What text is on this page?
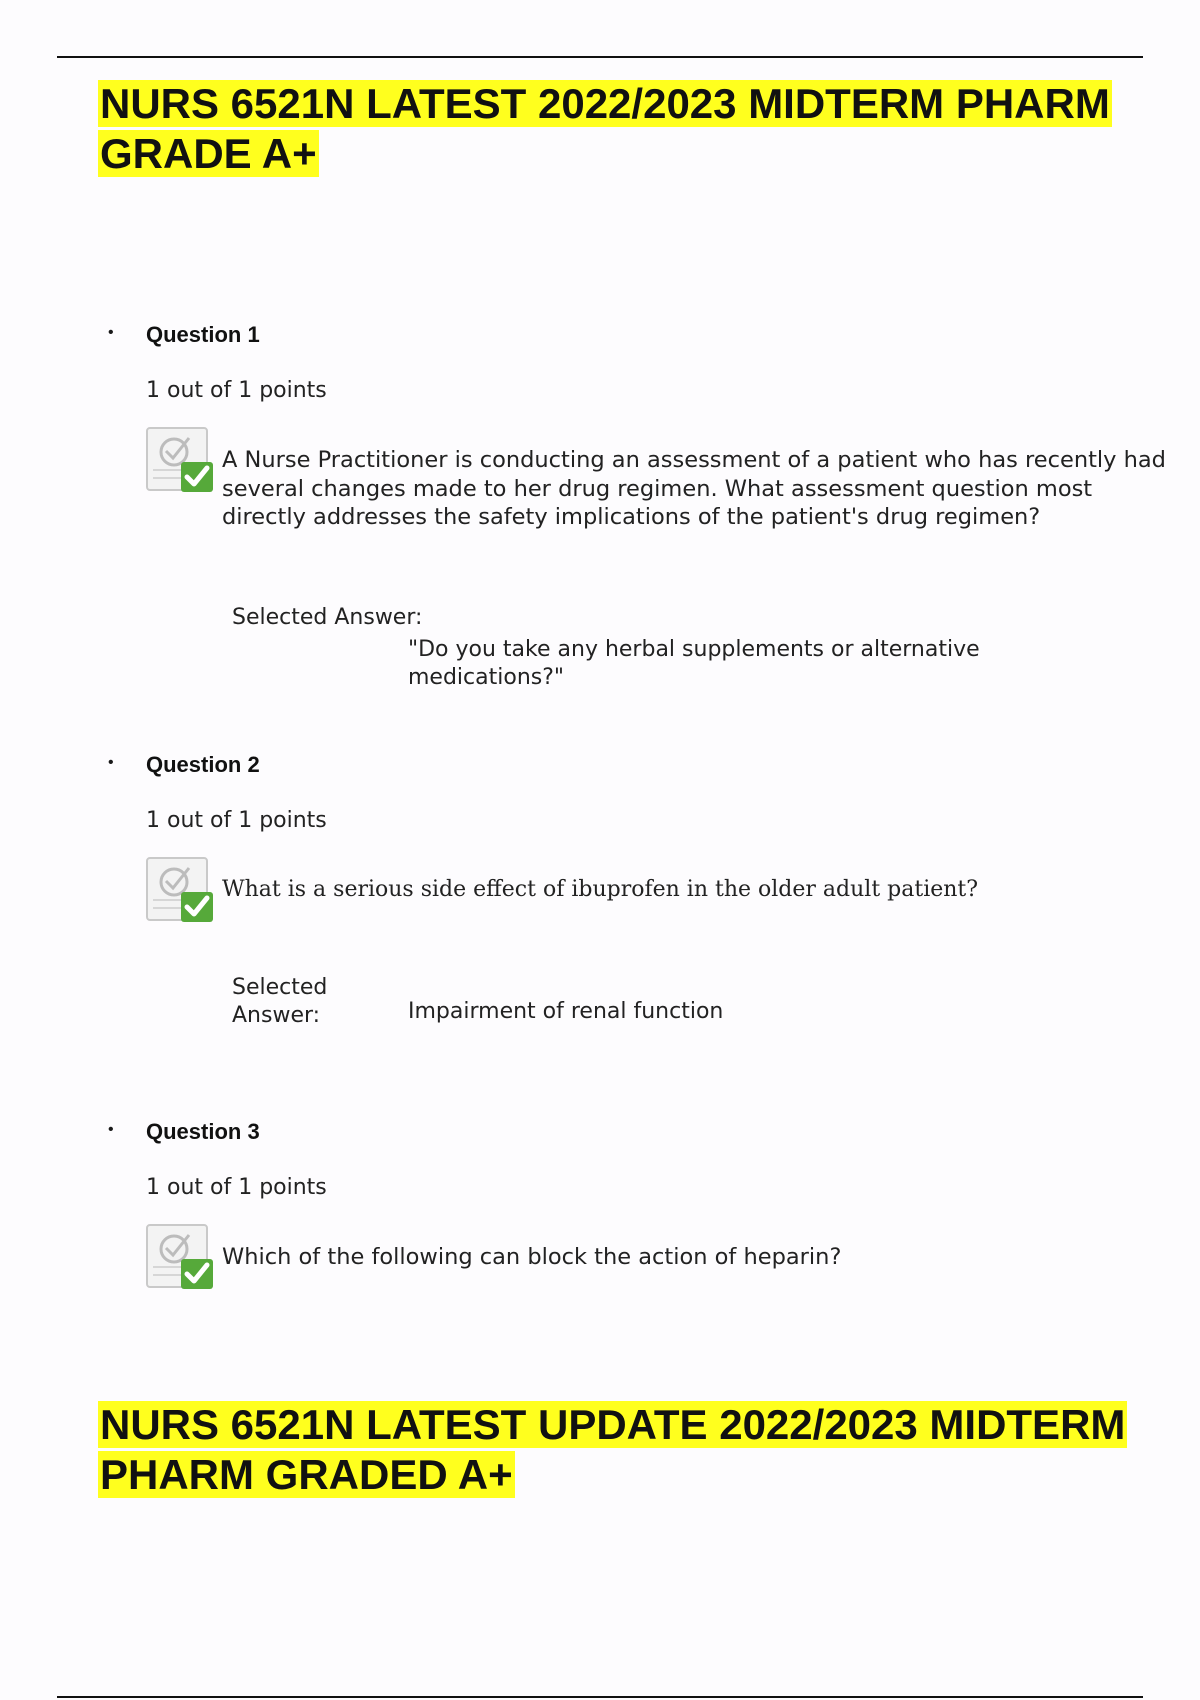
NURS 6521N LATEST 2022/2023 MIDTERM PHARM GRADE A+
• Question 1
1 out of 1 points
A Nurse Practitioner is conducting an assessment of a patient who has recently had several changes made to her drug regimen. What assessment question most directly addresses the safety implications of the patient's drug regimen?
Selected Answer:
"Do you take any herbal supplements or alternative medications?"
• Question 2
1 out of 1 points
What is a serious side effect of ibuprofen in the older adult patient?
Selected Answer:	Impairment of renal function
• Question 3
1 out of 1 points
Which of the following can block the action of heparin?
NURS 6521N LATEST UPDATE 2022/2023 MIDTERM PHARM GRADED A+
